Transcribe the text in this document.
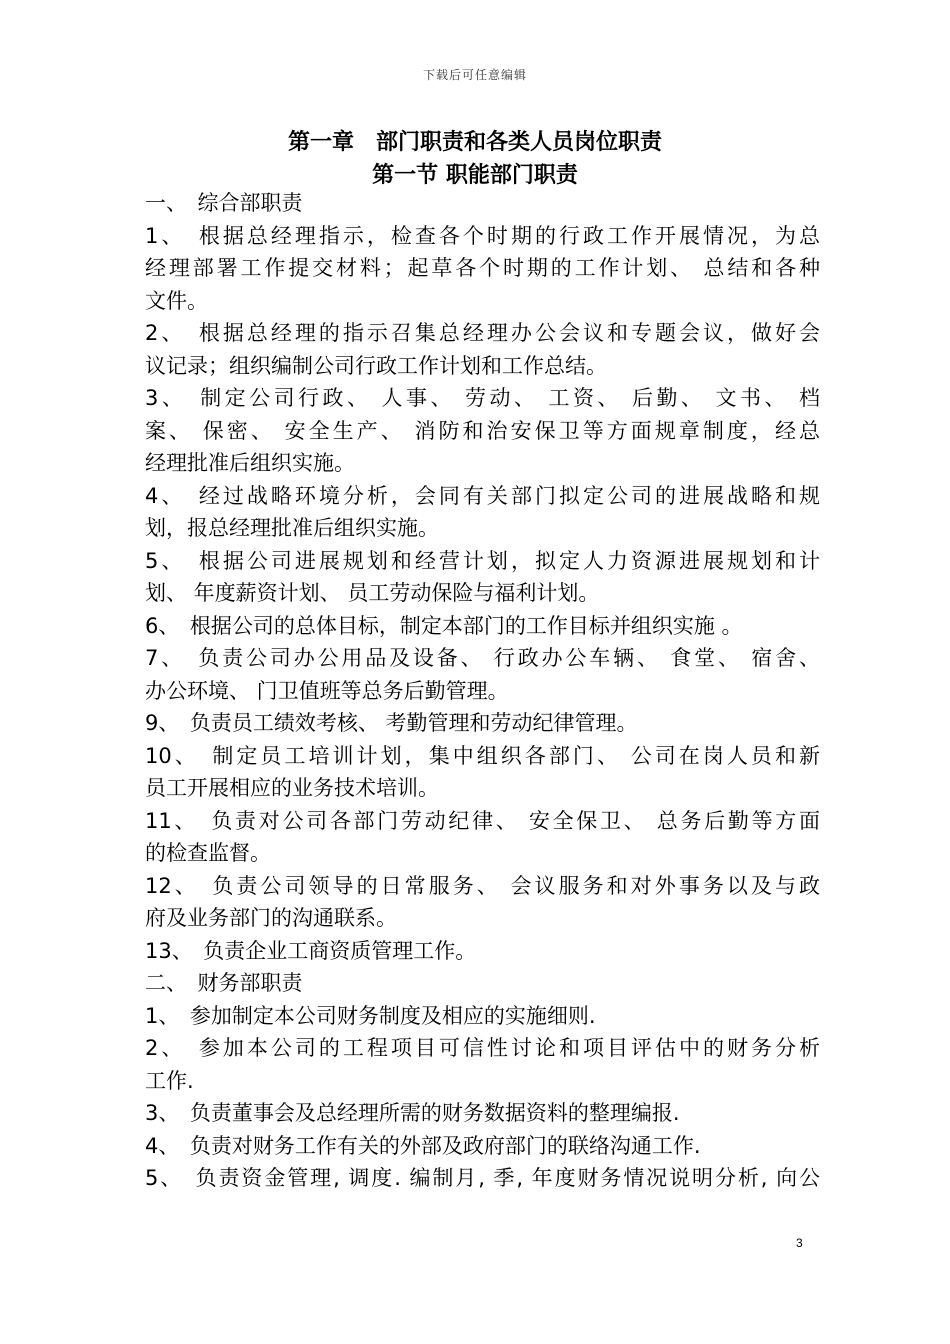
下载后可任意编辑
第一章　部门职责和各类人员岗位职责
第一节 职能部门职责
一、　综合部职责
1、　根据总经理指示，检查各个时期的行政工作开展情况，为总
经理部署工作提交材料；起草各个时期的工作计划、 总结和各种
文件。
2、　根据总经理的指示召集总经理办公会议和专题会议，做好会
议记录；组织编制公司行政工作计划和工作总结。
3、　制定公司行政、 人事、 劳动、 工资、 后勤、 文书、 档
案、 保密、 安全生产、 消防和治安保卫等方面规章制度，经总
经理批准后组织实施。
4、　经过战略环境分析，会同有关部门拟定公司的进展战略和规
划，报总经理批准后组织实施。
5、　根据公司进展规划和经营计划，拟定人力资源进展规划和计
划、 年度薪资计划、 员工劳动保险与福利计划。
6、　根据公司的总体目标，制定本部门的工作目标并组织实施 。
7、　负责公司办公用品及设备、 行政办公车辆、 食堂、 宿舍、
办公环境、 门卫值班等总务后勤管理。
9、　负责员工绩效考核、 考勤管理和劳动纪律管理。
10、　制定员工培训计划，集中组织各部门、 公司在岗人员和新
员工开展相应的业务技术培训。
11、　负责对公司各部门劳动纪律、 安全保卫、 总务后勤等方面
的检查监督。
12、　负责公司领导的日常服务、 会议服务和对外事务以及与政
府及业务部门的沟通联系。
13、　负责企业工商资质管理工作。
二、　财务部职责
1、　参加制定本公司财务制度及相应的实施细则.
2、　参加本公司的工程项目可信性讨论和项目评估中的财务分析
工作.
3、　负责董事会及总经理所需的财务数据资料的整理编报.
4、　负责对财务工作有关的外部及政府部门的联络沟通工作.
5、　负责资金管理, 调度. 编制月, 季, 年度财务情况说明分析, 向公
3
